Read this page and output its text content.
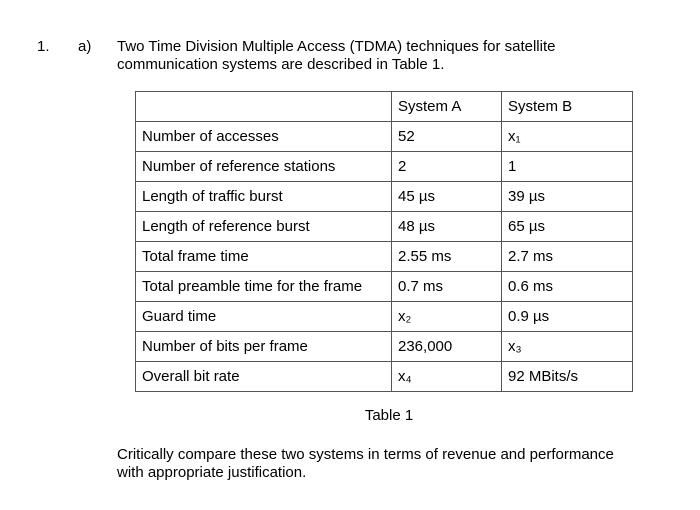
1. a) Two Time Division Multiple Access (TDMA) techniques for satellite communication systems are described in Table 1.
	System A	System B
Number of accesses	52	x₁
Number of reference stations	2	1
Length of traffic burst	45 µs	39 µs
Length of reference burst	48 µs	65 µs
Total frame time	2.55 ms	2.7 ms
Total preamble time for the frame	0.7 ms	0.6 ms
Guard time	x₂	0.9 µs
Number of bits per frame	236,000	x₃
Overall bit rate	x₄	92 MBits/s
Table 1
Critically compare these two systems in terms of revenue and performance with appropriate justification.
